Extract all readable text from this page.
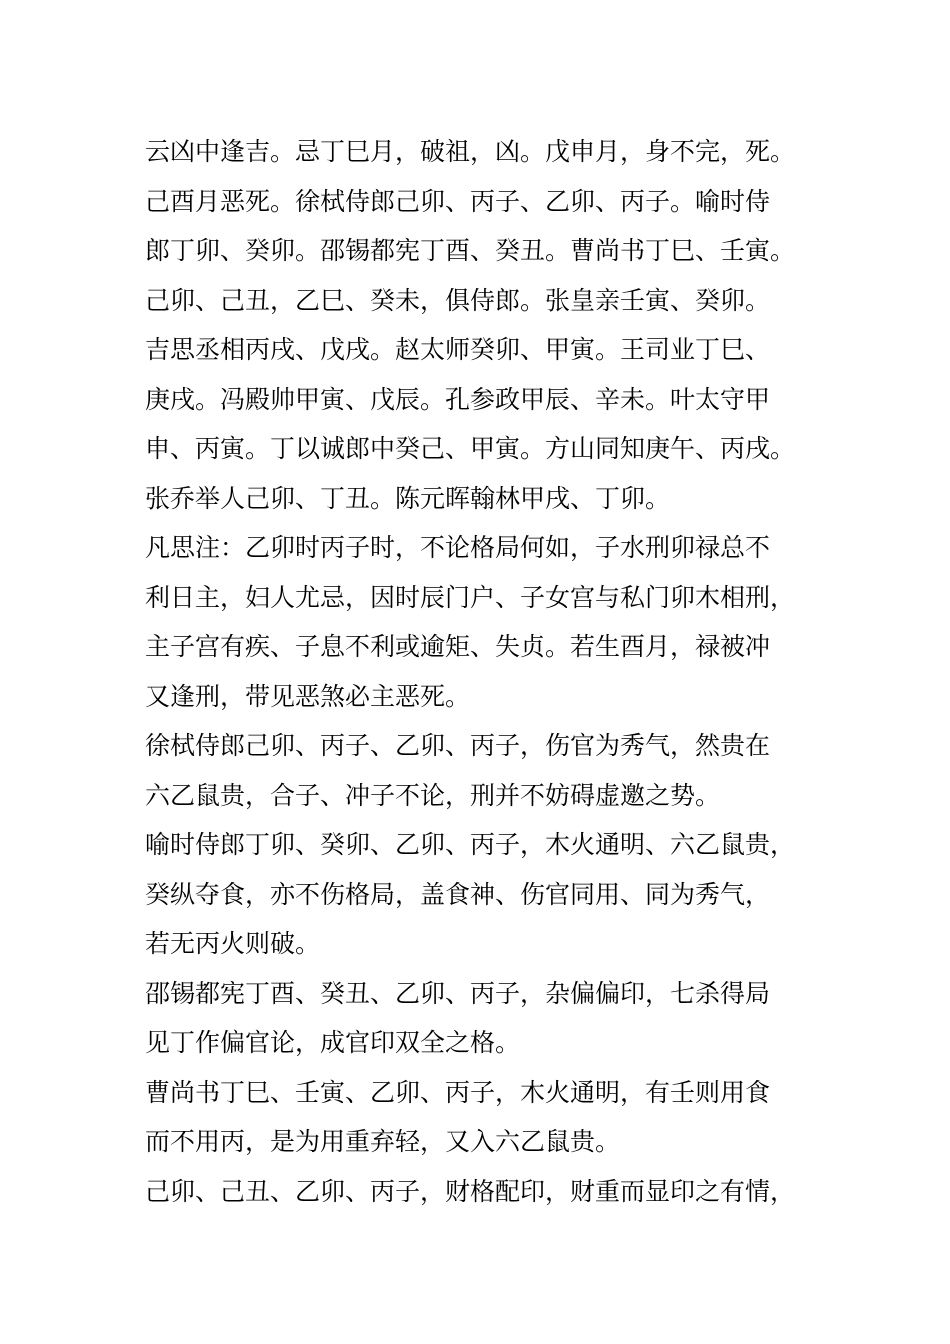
云凶中逢吉。忌丁巳月，破祖，凶。戊申月，身不完，死。
己酉月恶死。徐栻侍郎己卯、丙子、乙卯、丙子。喻时侍
郎丁卯、癸卯。邵锡都宪丁酉、癸丑。曹尚书丁巳、壬寅。
己卯、己丑，乙巳、癸未，俱侍郎。张皇亲壬寅、癸卯。
吉思丞相丙戌、戊戌。赵太师癸卯、甲寅。王司业丁巳、
庚戌。冯殿帅甲寅、戊辰。孔参政甲辰、辛未。叶太守甲
申、丙寅。丁以诚郎中癸己、甲寅。方山同知庚午、丙戌。
张乔举人己卯、丁丑。陈元晖翰林甲戌、丁卯。
凡思注：乙卯时丙子时，不论格局何如，子水刑卯禄总不
利日主，妇人尤忌，因时辰门户、子女宫与私门卯木相刑，
主子宫有疾、子息不利或逾矩、失贞。若生酉月，禄被冲
又逢刑，带见恶煞必主恶死。
徐栻侍郎己卯、丙子、乙卯、丙子，伤官为秀气，然贵在
六乙鼠贵，合子、冲子不论，刑并不妨碍虚邀之势。
喻时侍郎丁卯、癸卯、乙卯、丙子，木火通明、六乙鼠贵，
癸纵夺食，亦不伤格局，盖食神、伤官同用、同为秀气，
若无丙火则破。
邵锡都宪丁酉、癸丑、乙卯、丙子，杂偏偏印，七杀得局
见丁作偏官论，成官印双全之格。
曹尚书丁巳、壬寅、乙卯、丙子，木火通明，有壬则用食
而不用丙，是为用重弃轻，又入六乙鼠贵。
己卯、己丑、乙卯、丙子，财格配印，财重而显印之有情，
